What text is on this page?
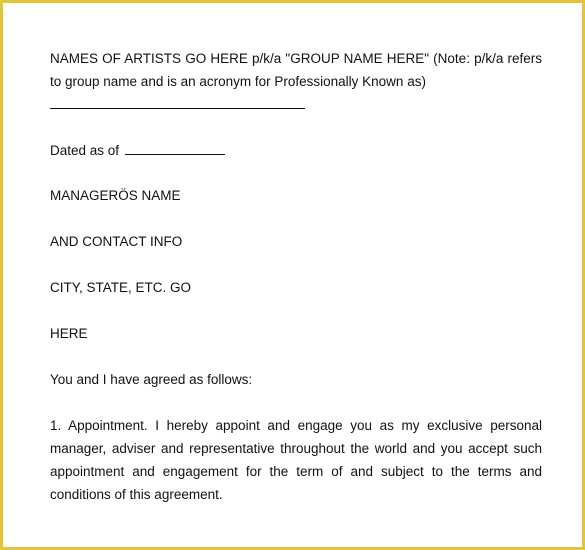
NAMES OF ARTISTS GO HERE p/k/a "GROUP NAME HERE" (Note: p/k/a refers to group name and is an acronym for Professionally Known as)

Dated as of
MANAGERÖS NAME
AND CONTACT INFO
CITY, STATE, ETC. GO
HERE
You and I have agreed as follows:
1. Appointment. I hereby appoint and engage you as my exclusive personal manager, adviser and representative throughout the world and you accept such appointment and engagement for the term of and subject to the terms and conditions of this agreement.
